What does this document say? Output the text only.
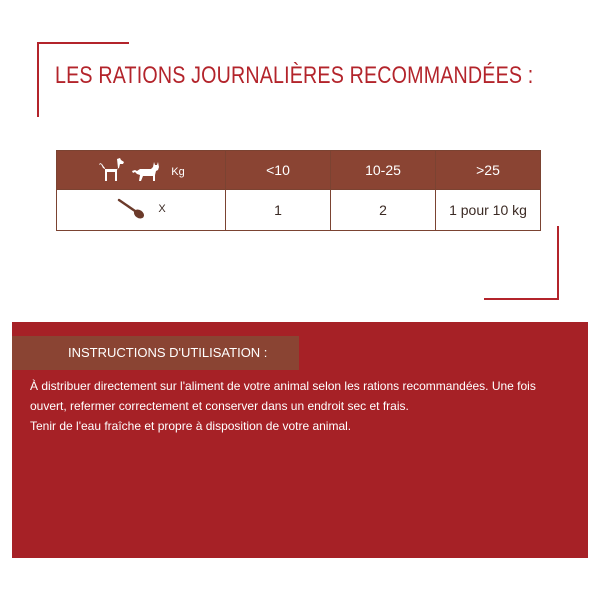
LES RATIONS JOURNALIÈRES RECOMMANDÉES :
Kg	<10	10-25	>25

X	1	2	1 pour 10 kg
INSTRUCTIONS D'UTILISATION :

À distribuer directement sur l'aliment de votre animal selon les rations recommandées. Une fois ouvert, refermer correctement et conserver dans un endroit sec et frais.

Tenir de l'eau fraîche et propre à disposition de votre animal.
